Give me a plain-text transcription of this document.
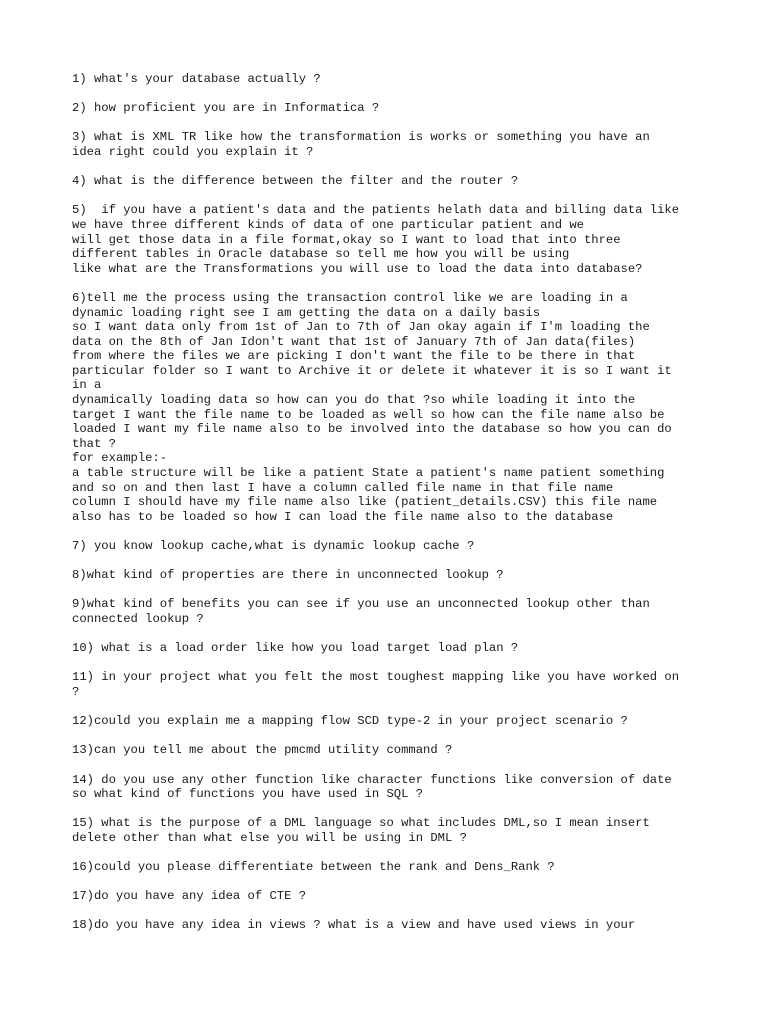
1) what's your database actually ?
2) how proficient you are in Informatica ?
3) what is XML TR like how the transformation is works or something you have an
idea right could you explain it ?
4) what is the difference between the filter and the router ?
5)  if you have a patient's data and the patients helath data and billing data like
we have three different kinds of data of one particular patient and we
will get those data in a file format,okay so I want to load that into three
different tables in Oracle database so tell me how you will be using
like what are the Transformations you will use to load the data into database?
6)tell me the process using the transaction control like we are loading in a
dynamic loading right see I am getting the data on a daily basis
so I want data only from 1st of Jan to 7th of Jan okay again if I'm loading the
data on the 8th of Jan Idon't want that 1st of January 7th of Jan data(files)
from where the files we are picking I don't want the file to be there in that
particular folder so I want to Archive it or delete it whatever it is so I want it
in a
dynamically loading data so how can you do that ?so while loading it into the
target I want the file name to be loaded as well so how can the file name also be
loaded I want my file name also to be involved into the database so how you can do
that ?
for example:-
a table structure will be like a patient State a patient's name patient something
and so on and then last I have a column called file name in that file name
column I should have my file name also like (patient_details.CSV) this file name
also has to be loaded so how I can load the file name also to the database
7) you know lookup cache,what is dynamic lookup cache ?
8)what kind of properties are there in unconnected lookup ?
9)what kind of benefits you can see if you use an unconnected lookup other than
connected lookup ?
10) what is a load order like how you load target load plan ?
11) in your project what you felt the most toughest mapping like you have worked on
?
12)could you explain me a mapping flow SCD type-2 in your project scenario ?
13)can you tell me about the pmcmd utility command ?
14) do you use any other function like character functions like conversion of date
so what kind of functions you have used in SQL ?
15) what is the purpose of a DML language so what includes DML,so I mean insert
delete other than what else you will be using in DML ?
16)could you please differentiate between the rank and Dens_Rank ?
17)do you have any idea of CTE ?
18)do you have any idea in views ? what is a view and have used views in your
